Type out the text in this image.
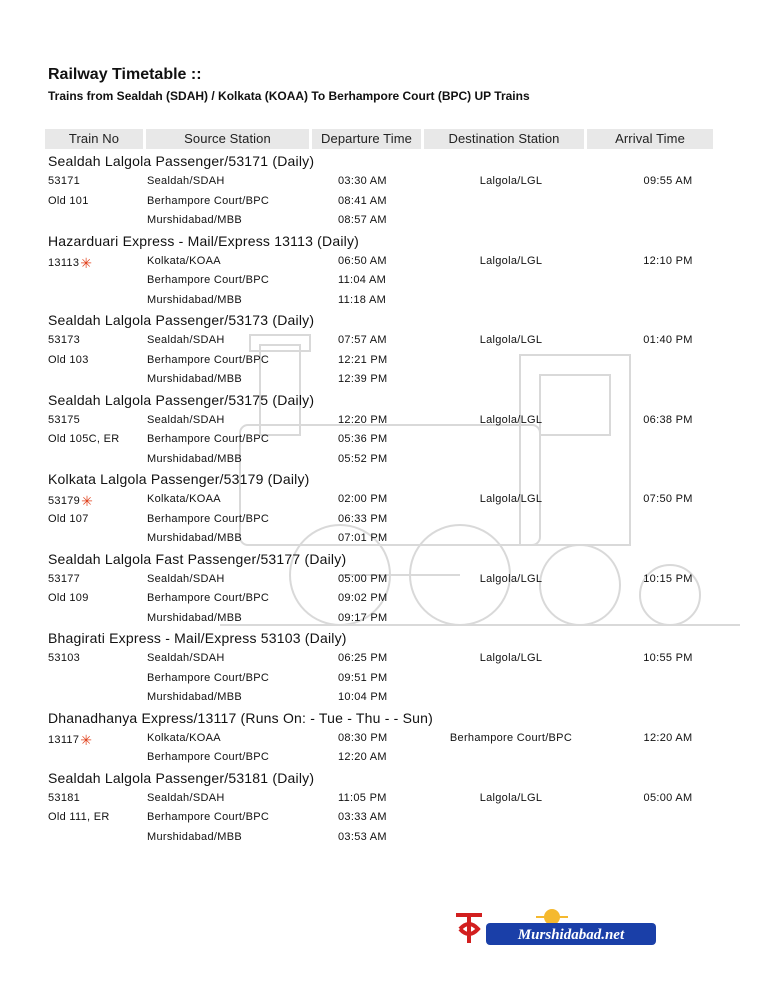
Railway Timetable ::
Trains from Sealdah (SDAH) / Kolkata (KOAA) To Berhampore Court (BPC) UP Trains
Train No	Source Station	Departure Time	Destination Station	Arrival Time
Sealdah Lalgola Passenger/53171 (Daily)
53171	Sealdah/SDAH	03:30 AM	Lalgola/LGL	09:55 AM
Old 101	Berhampore Court/BPC	08:41 AM
Murshidabad/MBB	08:57 AM
Hazarduari Express - Mail/Express 13113 (Daily)
13113✳	Kolkata/KOAA	06:50 AM	Lalgola/LGL	12:10 PM
Berhampore Court/BPC	11:04 AM
Murshidabad/MBB	11:18 AM
Sealdah Lalgola Passenger/53173 (Daily)
53173	Sealdah/SDAH	07:57 AM	Lalgola/LGL	01:40 PM
Old 103	Berhampore Court/BPC	12:21 PM
Murshidabad/MBB	12:39 PM
Sealdah Lalgola Passenger/53175 (Daily)
53175	Sealdah/SDAH	12:20 PM	Lalgola/LGL	06:38 PM
Old 105C, ER	Berhampore Court/BPC	05:36 PM
Murshidabad/MBB	05:52 PM
Kolkata Lalgola Passenger/53179 (Daily)
53179✳	Kolkata/KOAA	02:00 PM	Lalgola/LGL	07:50 PM
Old 107	Berhampore Court/BPC	06:33 PM
Murshidabad/MBB	07:01 PM
Sealdah Lalgola Fast Passenger/53177 (Daily)
53177	Sealdah/SDAH	05:00 PM	Lalgola/LGL	10:15 PM
Old 109	Berhampore Court/BPC	09:02 PM
Murshidabad/MBB	09:17 PM
Bhagirati Express - Mail/Express 53103 (Daily)
53103	Sealdah/SDAH	06:25 PM	Lalgola/LGL	10:55 PM
Berhampore Court/BPC	09:51 PM
Murshidabad/MBB	10:04 PM
Dhanadhanya Express/13117 (Runs On: - Tue - Thu - - Sun)
13117✳	Kolkata/KOAA	08:30 PM	Berhampore Court/BPC	12:20 AM
Berhampore Court/BPC	12:20 AM
Sealdah Lalgola Passenger/53181 (Daily)
53181	Sealdah/SDAH	11:05 PM	Lalgola/LGL	05:00 AM
Old 111, ER	Berhampore Court/BPC	03:33 AM
Murshidabad/MBB	03:53 AM
Murshidabad.net
